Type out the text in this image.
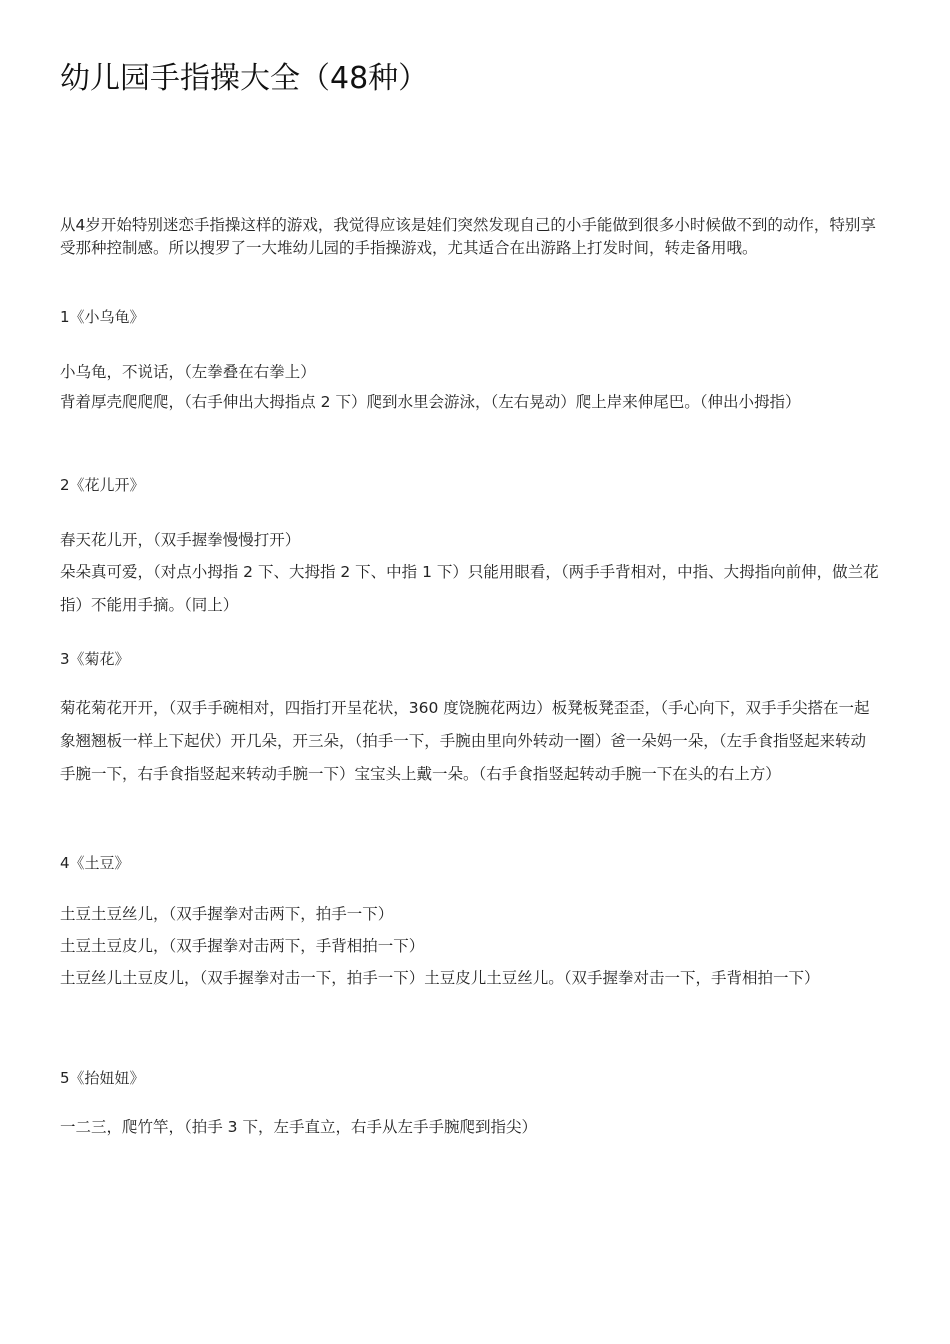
幼儿园手指操大全（48种）

从4岁开始特别迷恋手指操这样的游戏，我觉得应该是娃们突然发现自己的小手能做到很多小时候做不到的动作，特别享受那种控制感。所以搜罗了一大堆幼儿园的手指操游戏，尤其适合在出游路上打发时间，转走备用哦。

1《小乌龟》

小乌龟，不说话，（左拳叠在右拳上）

背着厚壳爬爬爬，（右手伸出大拇指点 2 下）爬到水里会游泳，（左右晃动）爬上岸来伸尾巴。（伸出小拇指）

2《花儿开》

春天花儿开，（双手握拳慢慢打开）

朵朵真可爱，（对点小拇指 2 下、大拇指 2 下、中指 1 下）只能用眼看，（两手手背相对，中指、大拇指向前伸，做兰花指）不能用手摘。（同上）

3《菊花》

菊花菊花开开，（双手手碗相对，四指打开呈花状，360 度饶腕花两边）板凳板凳歪歪，（手心向下，双手手尖搭在一起象翘翘板一样上下起伏）开几朵，开三朵，（拍手一下，手腕由里向外转动一圈）爸一朵妈一朵，（左手食指竖起来转动手腕一下，右手食指竖起来转动手腕一下）宝宝头上戴一朵。（右手食指竖起转动手腕一下在头的右上方）

4《土豆》

土豆土豆丝儿，（双手握拳对击两下，拍手一下）

土豆土豆皮儿，（双手握拳对击两下，手背相拍一下）

土豆丝儿土豆皮儿，（双手握拳对击一下，拍手一下）土豆皮儿土豆丝儿。（双手握拳对击一下，手背相拍一下）

5《抬妞妞》

一二三，爬竹竿，（拍手 3 下，左手直立，右手从左手手腕爬到指尖）
